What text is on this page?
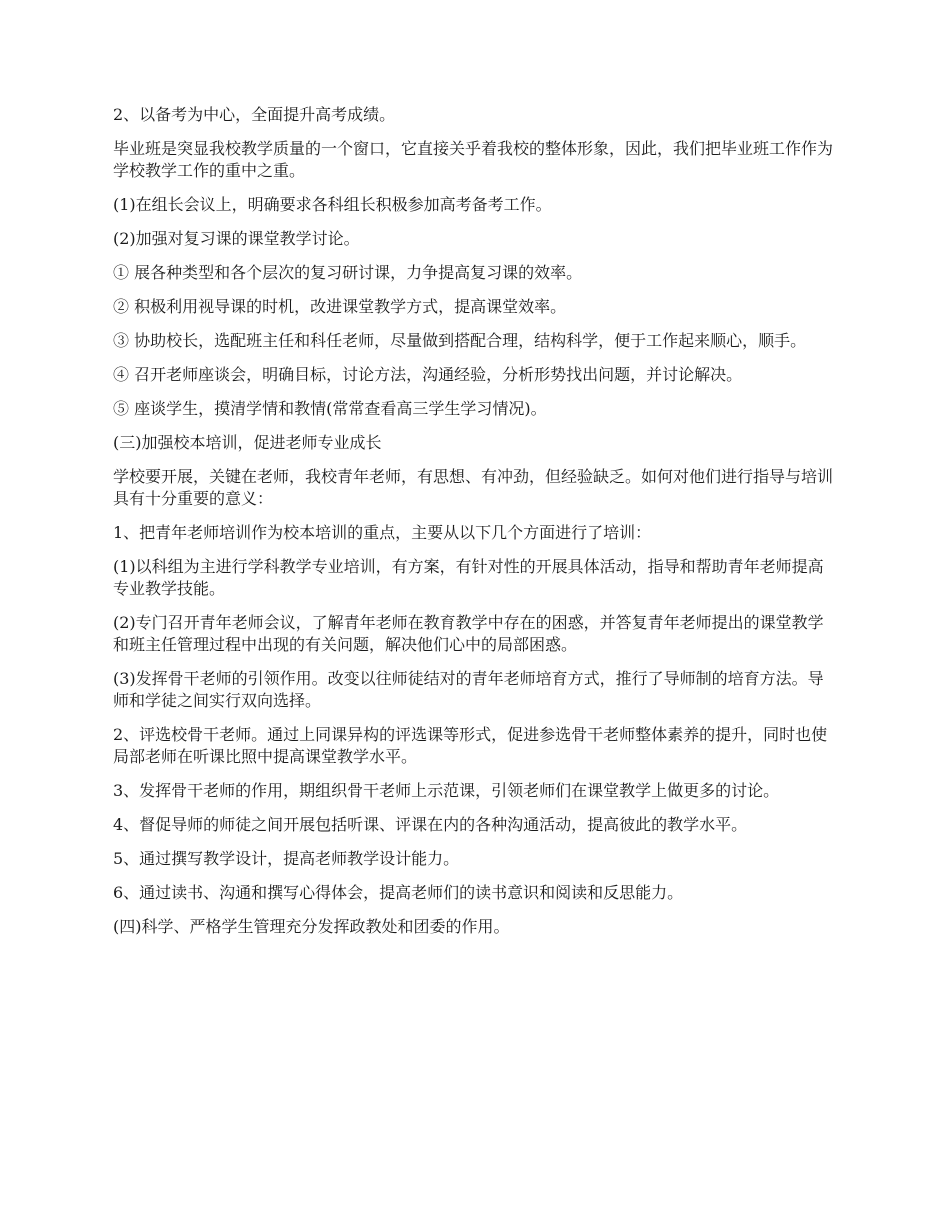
2、以备考为中心，全面提升高考成绩。

毕业班是突显我校教学质量的一个窗口，它直接关乎着我校的整体形象，因此，我们把毕业班工作作为学校教学工作的重中之重。

(1)在组长会议上，明确要求各科组长积极参加高考备考工作。

(2)加强对复习课的课堂教学讨论。

① 展各种类型和各个层次的复习研讨课，力争提高复习课的效率。

② 积极利用视导课的时机，改进课堂教学方式，提高课堂效率。

③ 协助校长，选配班主任和科任老师，尽量做到搭配合理，结构科学，便于工作起来顺心，顺手。

④ 召开老师座谈会，明确目标，讨论方法，沟通经验，分析形势找出问题，并讨论解决。

⑤ 座谈学生，摸清学情和教情(常常查看高三学生学习情况)。

(三)加强校本培训，促进老师专业成长

学校要开展，关键在老师，我校青年老师，有思想、有冲劲，但经验缺乏。如何对他们进行指导与培训具有十分重要的意义：

1、把青年老师培训作为校本培训的重点，主要从以下几个方面进行了培训：

(1)以科组为主进行学科教学专业培训，有方案，有针对性的开展具体活动，指导和帮助青年老师提高专业教学技能。

(2)专门召开青年老师会议，了解青年老师在教育教学中存在的困惑，并答复青年老师提出的课堂教学和班主任管理过程中出现的有关问题，解决他们心中的局部困惑。

(3)发挥骨干老师的引领作用。改变以往师徒结对的青年老师培育方式，推行了导师制的培育方法。导师和学徒之间实行双向选择。

2、评选校骨干老师。通过上同课异构的评选课等形式，促进参选骨干老师整体素养的提升，同时也使局部老师在听课比照中提高课堂教学水平。

3、发挥骨干老师的作用，期组织骨干老师上示范课，引领老师们在课堂教学上做更多的讨论。

4、督促导师的师徒之间开展包括听课、评课在内的各种沟通活动，提高彼此的教学水平。

5、通过撰写教学设计，提高老师教学设计能力。

6、通过读书、沟通和撰写心得体会，提高老师们的读书意识和阅读和反思能力。

(四)科学、严格学生管理充分发挥政教处和团委的作用。
